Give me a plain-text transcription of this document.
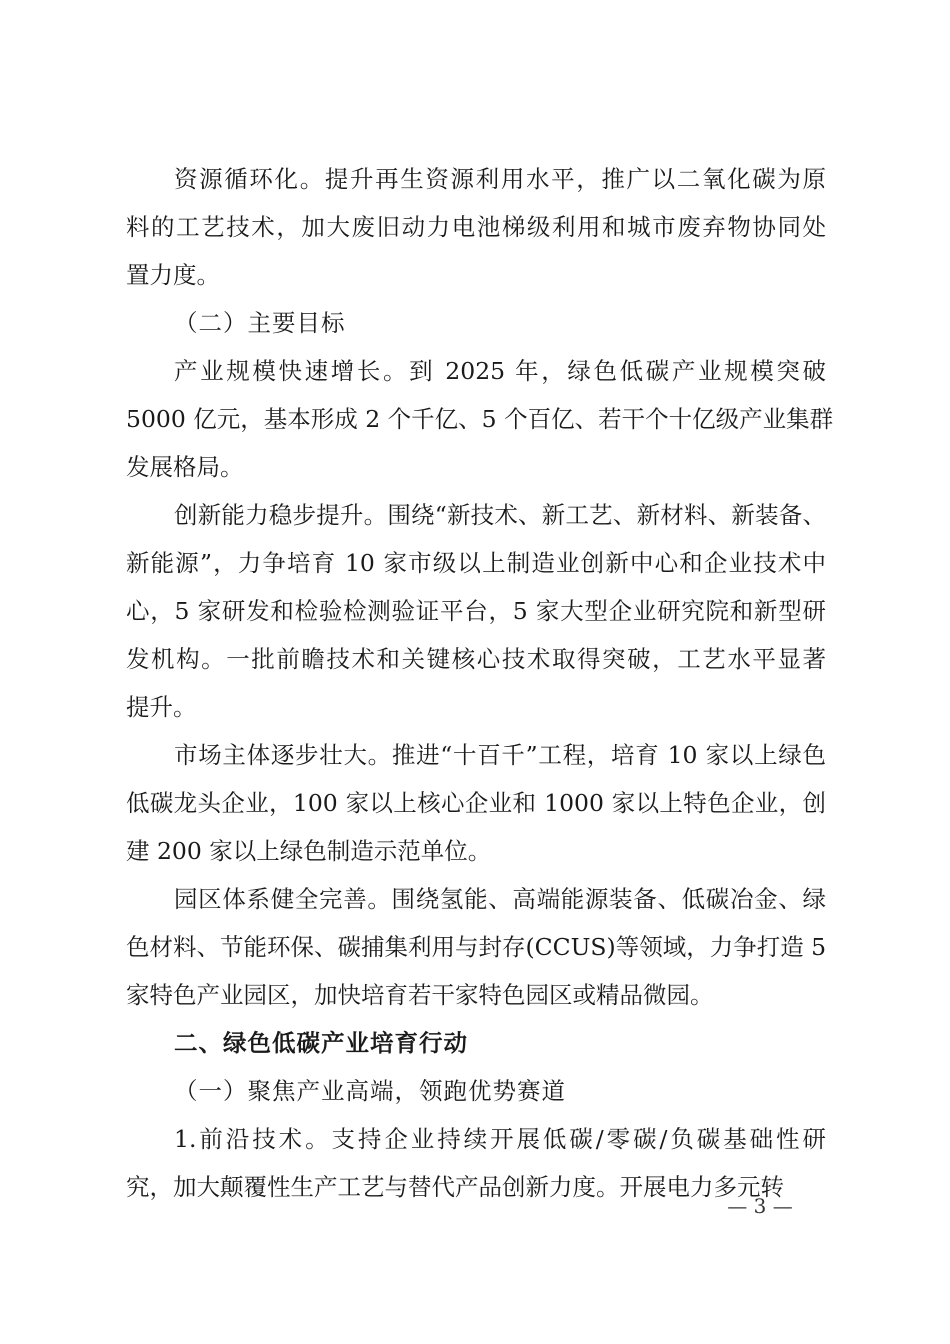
资源循环化。提升再生资源利用水平，推广以二氧化碳为原
料的工艺技术，加大废旧动力电池梯级利用和城市废弃物协同处
置力度。
（二）主要目标
产业规模快速增长。到 2025 年，绿色低碳产业规模突破
5000 亿元，基本形成 2 个千亿、5 个百亿、若干个十亿级产业集群
发展格局。
创新能力稳步提升。围绕“新技术、新工艺、新材料、新装备、
新能源”，力争培育 10 家市级以上制造业创新中心和企业技术中
心，5 家研发和检验检测验证平台，5 家大型企业研究院和新型研
发机构。一批前瞻技术和关键核心技术取得突破，工艺水平显著
提升。
市场主体逐步壮大。推进“十百千”工程，培育 10 家以上绿色
低碳龙头企业，100 家以上核心企业和 1000 家以上特色企业，创
建 200 家以上绿色制造示范单位。
园区体系健全完善。围绕氢能、高端能源装备、低碳冶金、绿
色材料、节能环保、碳捕集利用与封存(CCUS)等领域，力争打造 5
家特色产业园区，加快培育若干家特色园区或精品微园。
二、绿色低碳产业培育行动
（一）聚焦产业高端，领跑优势赛道
1.前沿技术。支持企业持续开展低碳/零碳/负碳基础性研
究，加大颠覆性生产工艺与替代产品创新力度。开展电力多元转
— 3 —
